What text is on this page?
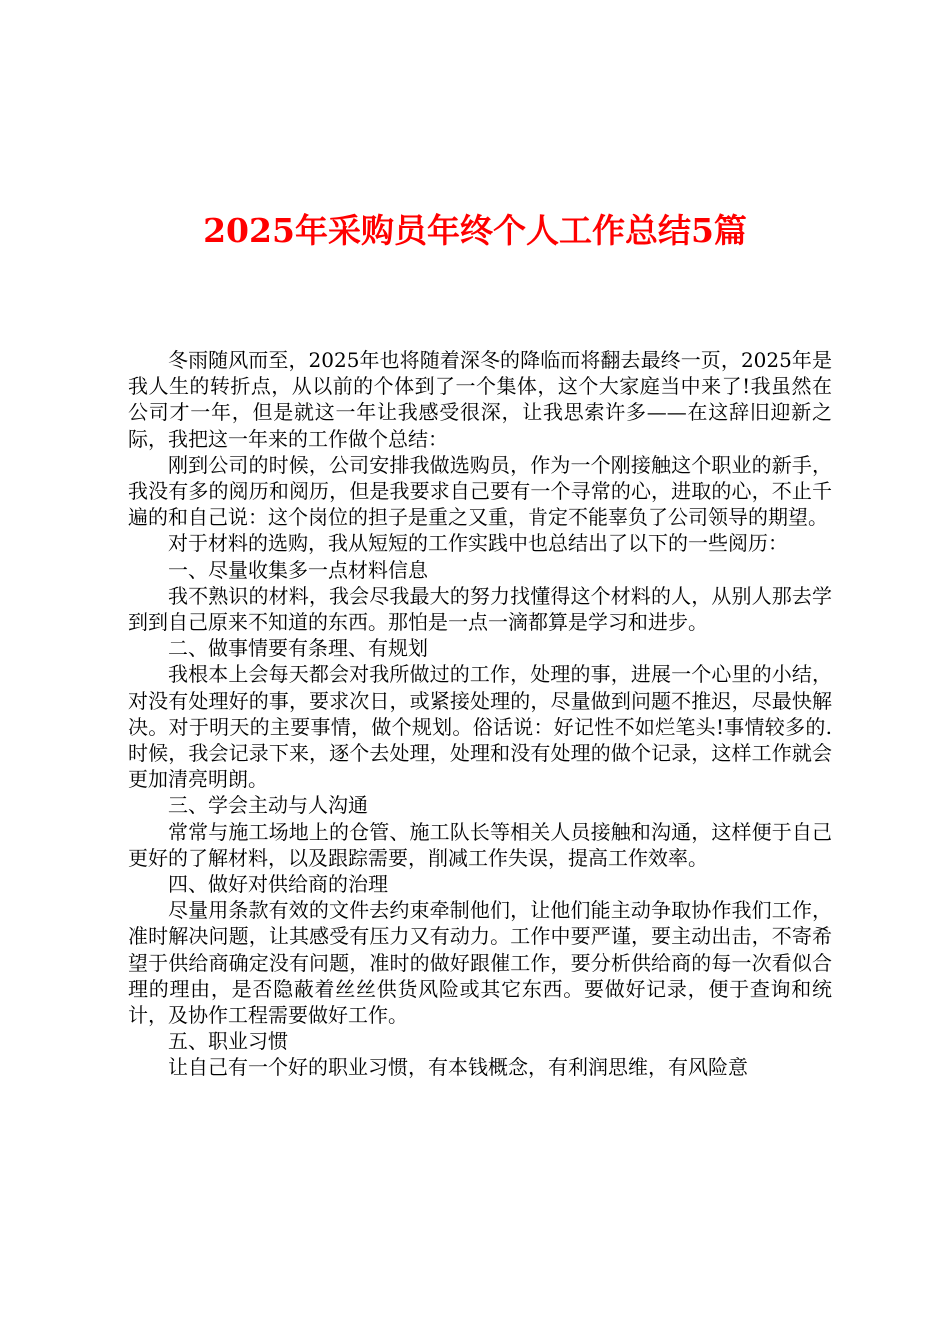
2025年采购员年终个人工作总结5篇

冬雨随风而至，2025年也将随着深冬的降临而将翻去最终一页，2025年是我人生的转折点，从以前的个体到了一个集体，这个大家庭当中来了!我虽然在公司才一年，但是就这一年让我感受很深，让我思索许多——在这辞旧迎新之际，我把这一年来的工作做个总结：

刚到公司的时候，公司安排我做选购员，作为一个刚接触这个职业的新手，我没有多的阅历和阅历，但是我要求自己要有一个寻常的心，进取的心，不止千遍的和自己说：这个岗位的担子是重之又重，肯定不能辜负了公司领导的期望。

对于材料的选购，我从短短的工作实践中也总结出了以下的一些阅历：

一、尽量收集多一点材料信息

我不熟识的材料，我会尽我最大的努力找懂得这个材料的人，从别人那去学到到自己原来不知道的东西。那怕是一点一滴都算是学习和进步。

二、做事情要有条理、有规划

我根本上会每天都会对我所做过的工作，处理的事，进展一个心里的小结，对没有处理好的事，要求次日，或紧接处理的，尽量做到问题不推迟，尽最快解决。对于明天的主要事情，做个规划。俗话说：好记性不如烂笔头!事情较多的.时候，我会记录下来，逐个去处理，处理和没有处理的做个记录，这样工作就会更加清亮明朗。

三、学会主动与人沟通

常常与施工场地上的仓管、施工队长等相关人员接触和沟通，这样便于自己更好的了解材料，以及跟踪需要，削减工作失误，提高工作效率。

四、做好对供给商的治理

尽量用条款有效的文件去约束牵制他们，让他们能主动争取协作我们工作，准时解决问题，让其感受有压力又有动力。工作中要严谨，要主动出击，不寄希望于供给商确定没有问题，准时的做好跟催工作，要分析供给商的每一次看似合理的理由，是否隐蔽着丝丝供货风险或其它东西。要做好记录，便于查询和统计，及协作工程需要做好工作。

五、职业习惯

让自己有一个好的职业习惯，有本钱概念，有利润思维，有风险意
